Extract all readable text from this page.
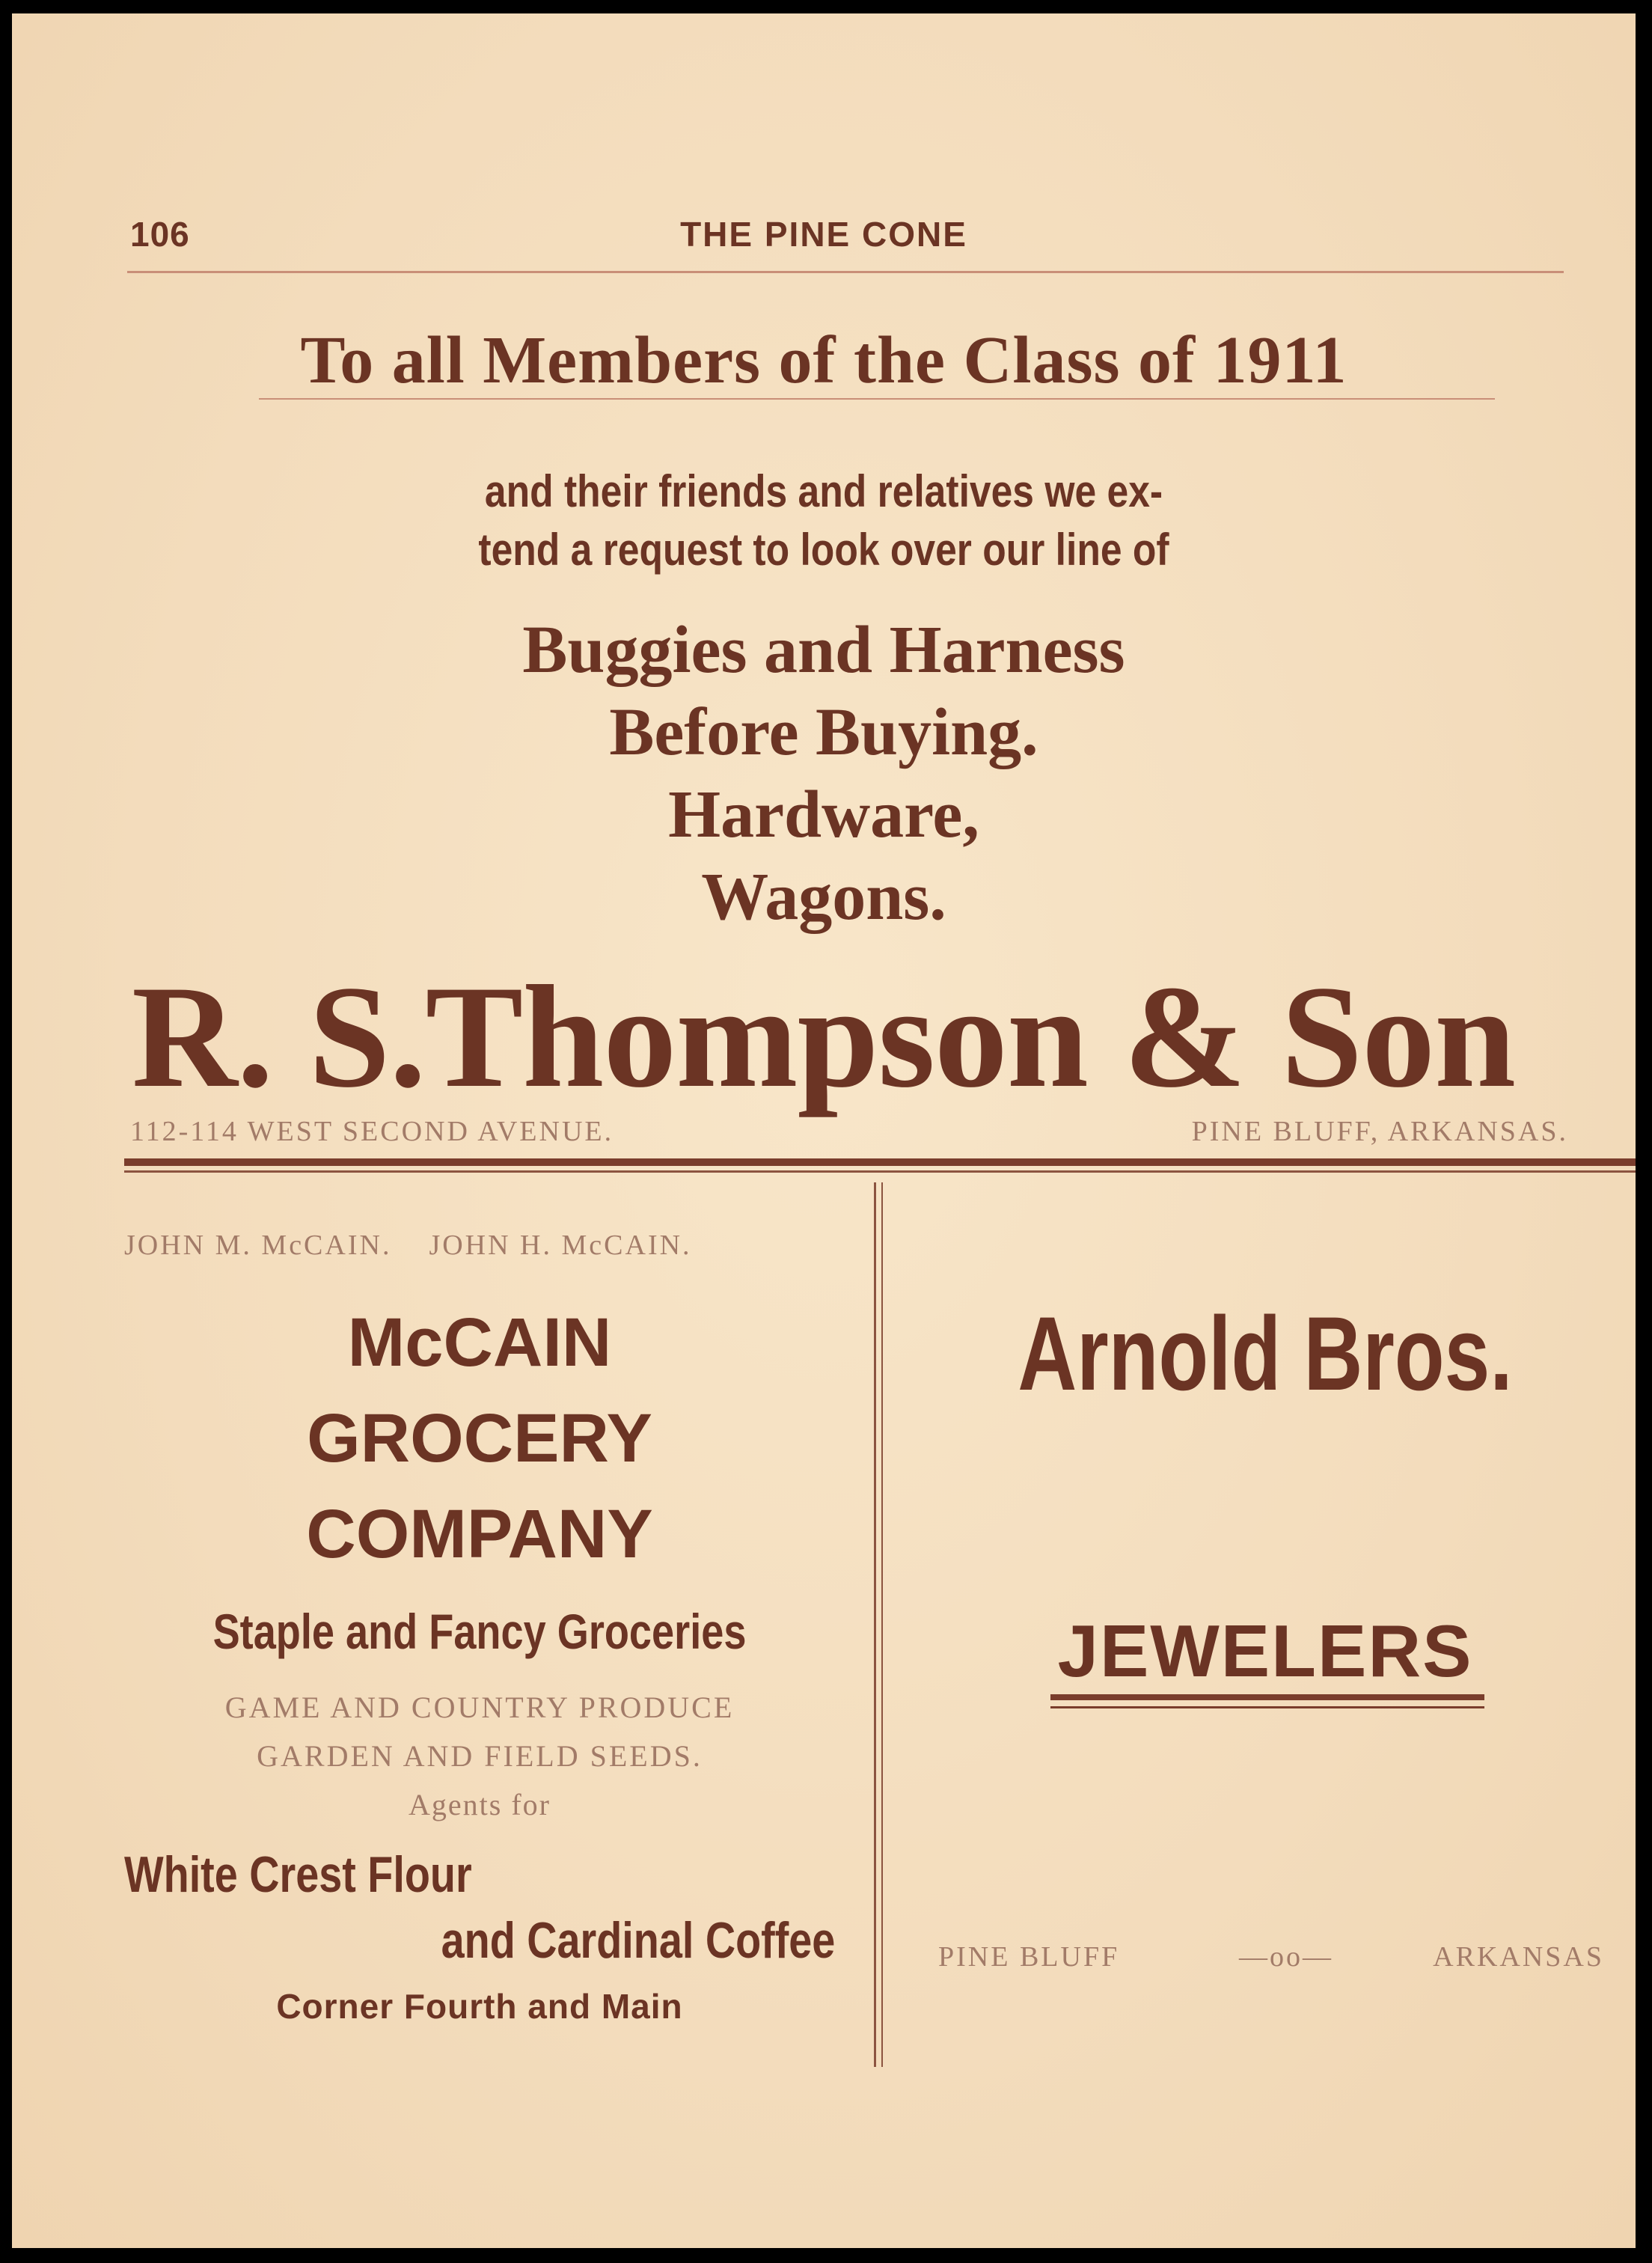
106	THE PINE CONE
To all Members of the Class of 1911
and their friends and relatives we ex-
tend a request to look over our line of
Buggies and Harness
Before Buying.
Hardware,
Wagons.
R. S.Thompson & Son
112-114 WEST SECOND AVENUE.	PINE BLUFF, ARKANSAS.
JOHN M. McCAIN.    JOHN H. McCAIN.
McCAIN
GROCERY
COMPANY
Staple and Fancy Groceries
GAME AND COUNTRY PRODUCE
GARDEN AND FIELD SEEDS.
Agents for
White Crest Flour
and Cardinal Coffee
Corner Fourth and Main
Arnold Bros.
JEWELERS
PINE BLUFF	—oo—	ARKANSAS
